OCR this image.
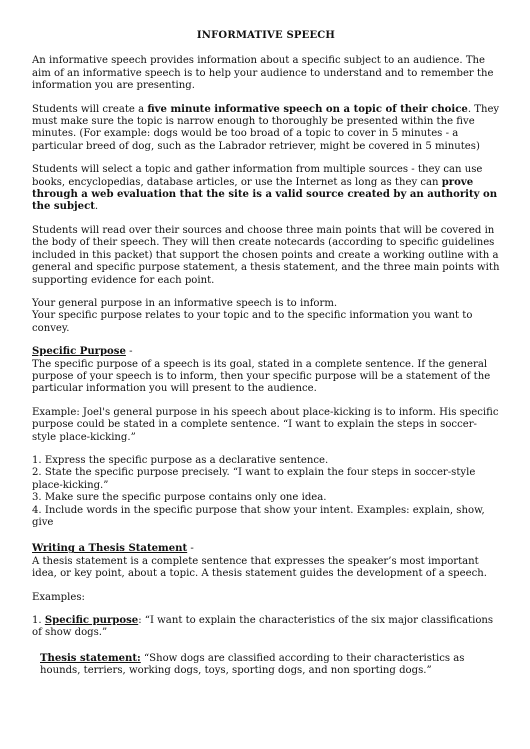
INFORMATIVE SPEECH

An informative speech provides information about a specific subject to an audience. The aim of an informative speech is to help your audience to understand and to remember the information you are presenting.

Students will create a five minute informative speech on a topic of their choice. They must make sure the topic is narrow enough to thoroughly be presented within the five minutes. (For example: dogs would be too broad of a topic to cover in 5 minutes - a particular breed of dog, such as the Labrador retriever, might be covered in 5 minutes)

Students will select a topic and gather information from multiple sources - they can use books, encyclopedias, database articles, or use the Internet as long as they can prove through a web evaluation that the site is a valid source created by an authority on the subject.

Students will read over their sources and choose three main points that will be covered in the body of their speech. They will then create notecards (according to specific guidelines included in this packet) that support the chosen points and create a working outline with a general and specific purpose statement, a thesis statement, and the three main points with supporting evidence for each point.

Your general purpose in an informative speech is to inform.
Your specific purpose relates to your topic and to the specific information you want to convey.

Specific Purpose -
The specific purpose of a speech is its goal, stated in a complete sentence. If the general purpose of your speech is to inform, then your specific purpose will be a statement of the particular information you will present to the audience.

Example: Joel's general purpose in his speech about place-kicking is to inform. His specific purpose could be stated in a complete sentence. “I want to explain the steps in soccer-style place-kicking.”

1. Express the specific purpose as a declarative sentence.
2. State the specific purpose precisely. “I want to explain the four steps in soccer-style place-kicking.”
3. Make sure the specific purpose contains only one idea.
4. Include words in the specific purpose that show your intent. Examples: explain, show, give

Writing a Thesis Statement -
A thesis statement is a complete sentence that expresses the speaker’s most important idea, or key point, about a topic. A thesis statement guides the development of a speech.

Examples:

1. Specific purpose: “I want to explain the characteristics of the six major classifications of show dogs.”

Thesis statement: “Show dogs are classified according to their characteristics as hounds, terriers, working dogs, toys, sporting dogs, and non sporting dogs.”
